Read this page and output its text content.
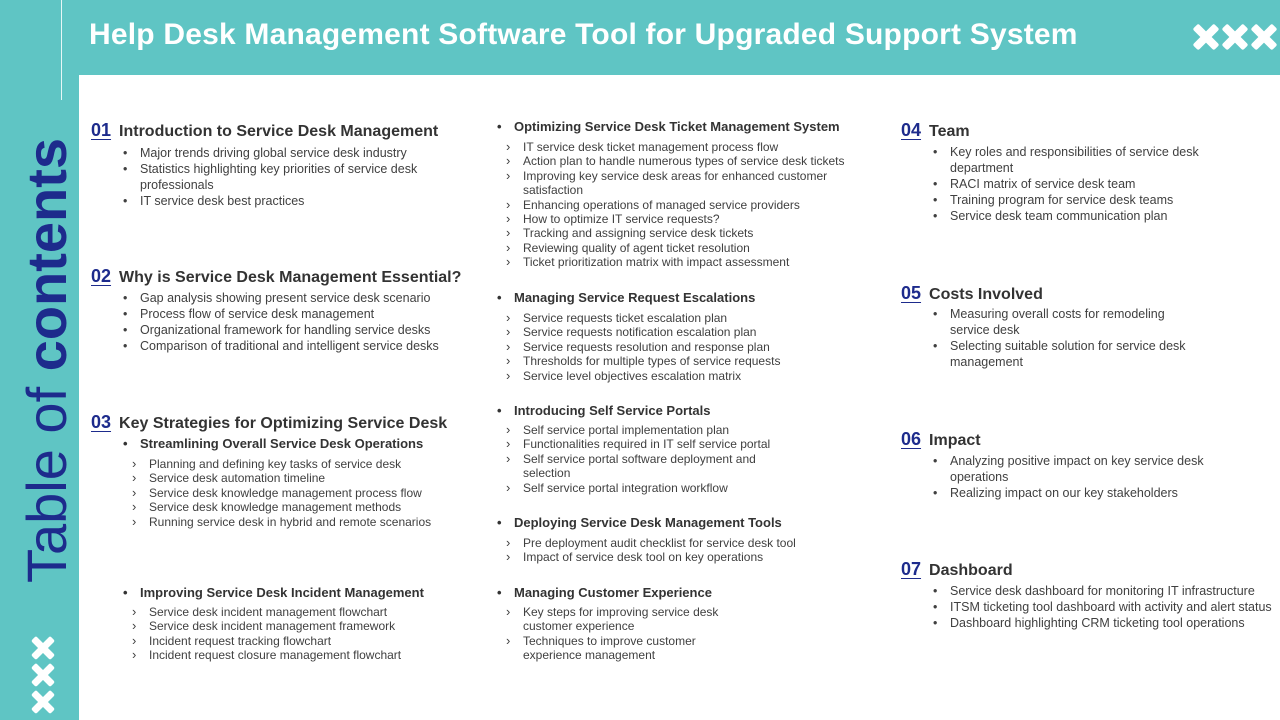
Help Desk Management Software Tool for Upgraded Support System
Table of contents
01 Introduction to Service Desk Management
• Major trends driving global service desk industry
• Statistics highlighting key priorities of service desk professionals
• IT service desk best practices
02 Why is Service Desk Management Essential?
• Gap analysis showing present service desk scenario
• Process flow of service desk management
• Organizational framework for handling service desks
• Comparison of traditional and intelligent service desks
03 Key Strategies for Optimizing Service Desk
• Streamlining Overall Service Desk Operations
› Planning and defining key tasks of service desk
› Service desk automation timeline
› Service desk knowledge management process flow
› Service desk knowledge management methods
› Running service desk in hybrid and remote scenarios
• Improving Service Desk Incident Management
› Service desk incident management flowchart
› Service desk incident management framework
› Incident request tracking flowchart
› Incident request closure management flowchart
• Optimizing Service Desk Ticket Management System
› IT service desk ticket management process flow
› Action plan to handle numerous types of service desk tickets
› Improving key service desk areas for enhanced customer satisfaction
› Enhancing operations of managed service providers
› How to optimize IT service requests?
› Tracking and assigning service desk tickets
› Reviewing quality of agent ticket resolution
› Ticket prioritization matrix with impact assessment
• Managing Service Request Escalations
› Service requests ticket escalation plan
› Service requests notification escalation plan
› Service requests resolution and response plan
› Thresholds for multiple types of service requests
› Service level objectives escalation matrix
• Introducing Self Service Portals
› Self service portal implementation plan
› Functionalities required in IT self service portal
› Self service portal software deployment and selection
› Self service portal integration workflow
• Deploying Service Desk Management Tools
› Pre deployment audit checklist for service desk tool
› Impact of service desk tool on key operations
• Managing Customer Experience
› Key steps for improving service desk customer experience
› Techniques to improve customer experience management
04 Team
• Key roles and responsibilities of service desk department
• RACI matrix of service desk team
• Training program for service desk teams
• Service desk team communication plan
05 Costs Involved
• Measuring overall costs for remodeling service desk
• Selecting suitable solution for service desk management
06 Impact
• Analyzing positive impact on key service desk operations
• Realizing impact on our key stakeholders
07 Dashboard
• Service desk dashboard for monitoring IT infrastructure
• ITSM ticketing tool dashboard with activity and alert status
• Dashboard highlighting CRM ticketing tool operations
